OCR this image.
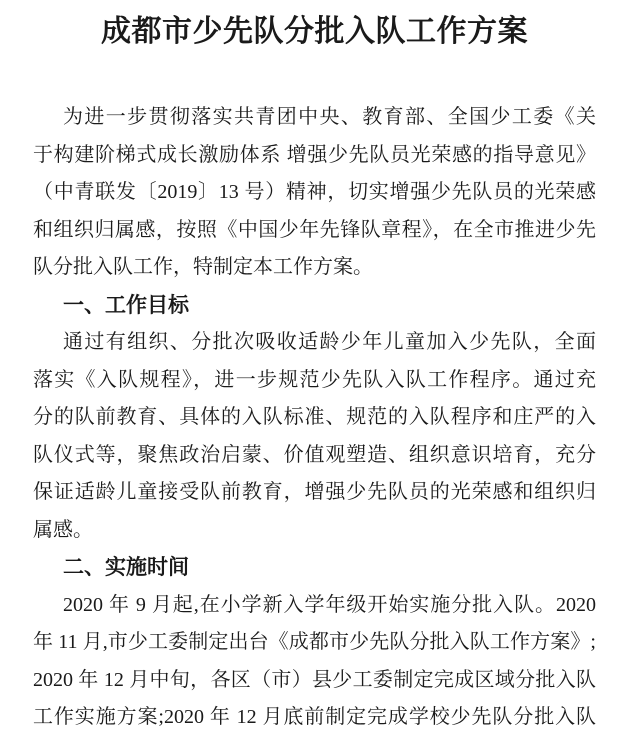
成都市少先队分批入队工作方案

为进一步贯彻落实共青团中央、教育部、全国少工委《关

于构建阶梯式成长激励体系 增强少先队员光荣感的指导意见》

（中青联发〔2019〕13 号）精神，切实增强少先队员的光荣感

和组织归属感，按照《中国少年先锋队章程》，在全市推进少先

队分批入队工作，特制定本工作方案。

一、工作目标

通过有组织、分批次吸收适龄少年儿童加入少先队，全面

落实《入队规程》，进一步规范少先队入队工作程序。通过充

分的队前教育、具体的入队标准、规范的入队程序和庄严的入

队仪式等，聚焦政治启蒙、价值观塑造、组织意识培育，充分

保证适龄儿童接受队前教育，增强少先队员的光荣感和组织归

属感。

二、实施时间

2020 年 9 月起,在小学新入学年级开始实施分批入队。2020

年 11 月,市少工委制定出台《成都市少先队分批入队工作方案》;

2020 年 12 月中旬，各区（市）县少工委制定完成区域分批入队

工作实施方案;2020 年 12 月底前制定完成学校少先队分批入队
